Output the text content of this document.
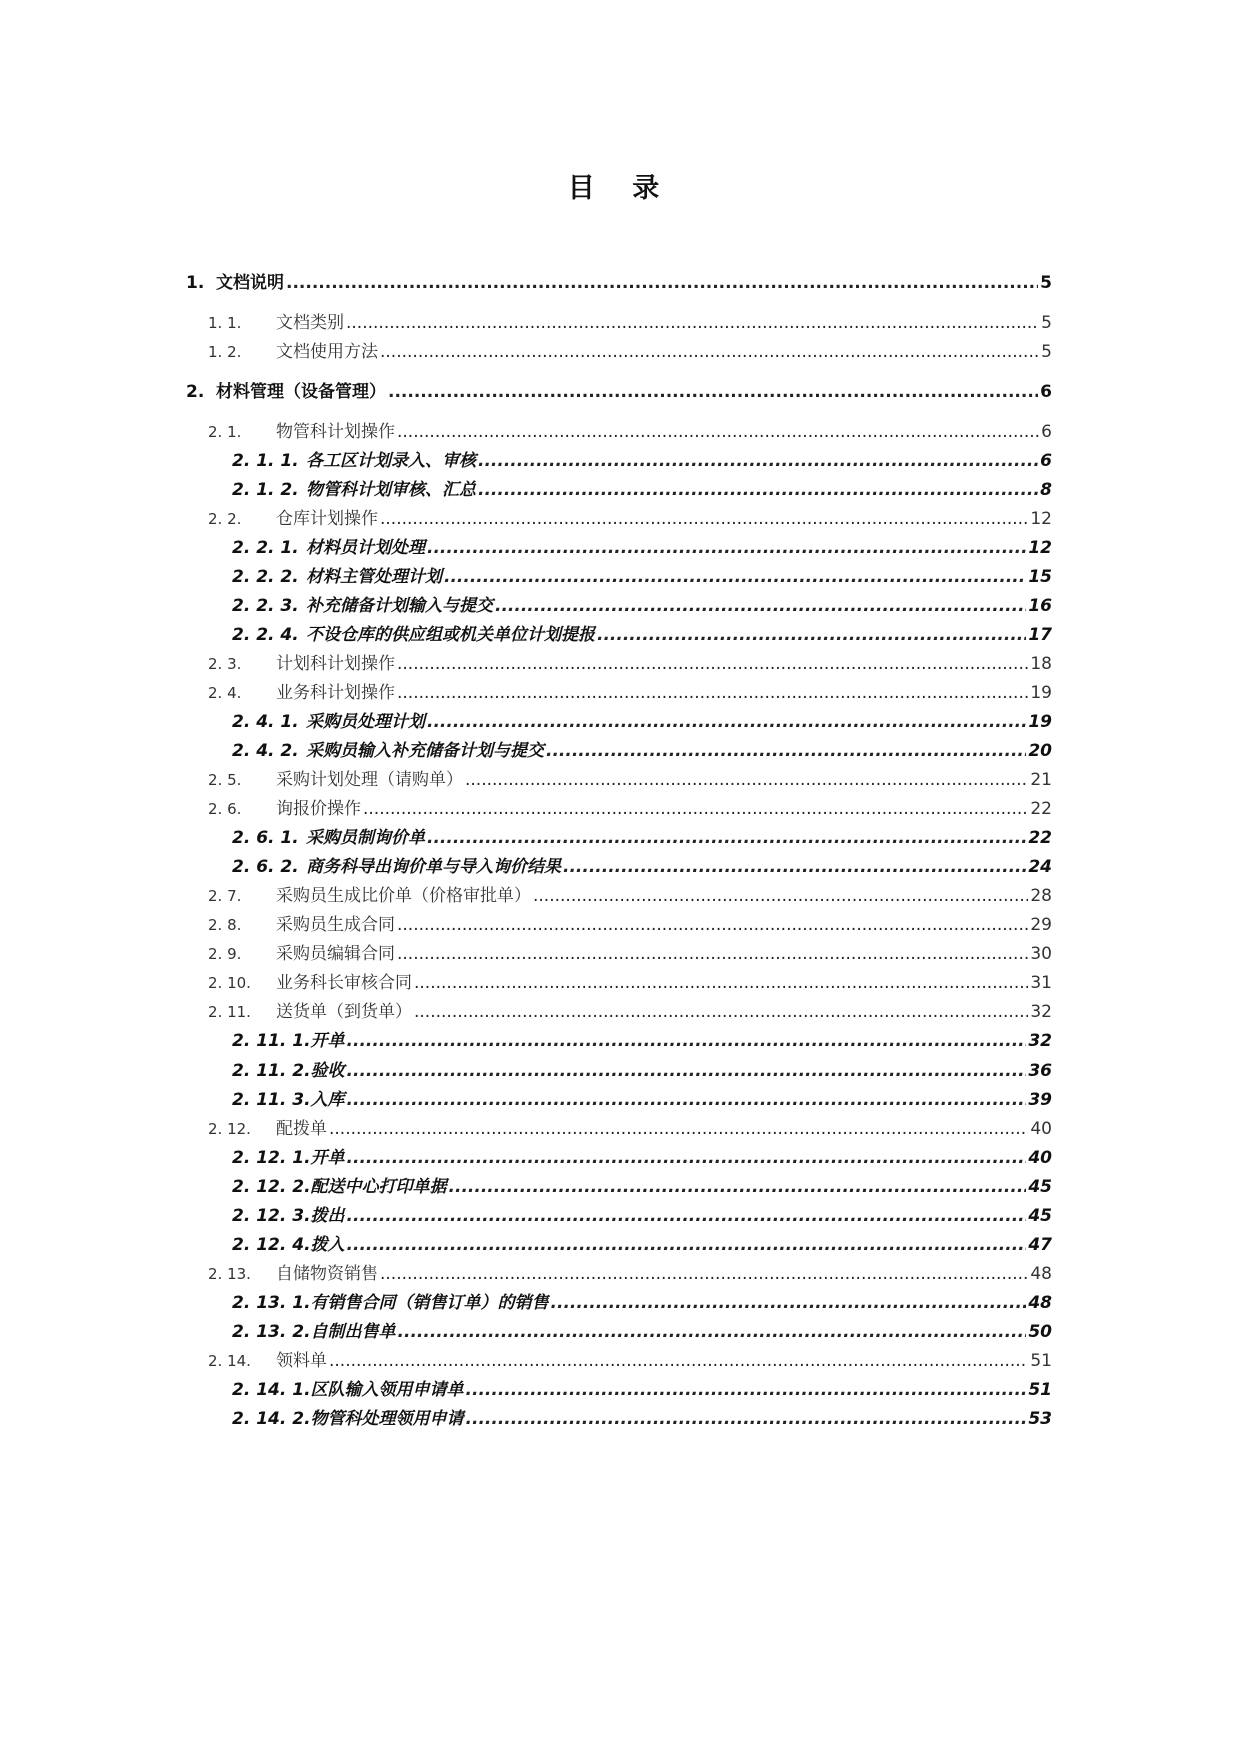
目 录
1. 文档说明 .....	5
1. 1.	文档类别 .....	5
1. 2.	文档使用方法 .....	5
2. 材料管理（设备管理） .....	6
2. 1.	物管科计划操作 .....	6
2. 1. 1. 各工区计划录入、审核 .....	6
2. 1. 2. 物管科计划审核、汇总 .....	8
2. 2.	仓库计划操作 .....	12
2. 2. 1. 材料员计划处理 .....	12
2. 2. 2. 材料主管处理计划 .....	15
2. 2. 3. 补充储备计划输入与提交 .....	16
2. 2. 4. 不设仓库的供应组或机关单位计划提报 .....	17
2. 3.	计划科计划操作 .....	18
2. 4.	业务科计划操作 .....	19
2. 4. 1. 采购员处理计划 .....	19
2. 4. 2. 采购员输入补充储备计划与提交 .....	20
2. 5.	采购计划处理（请购单） .....	21
2. 6.	询报价操作 .....	22
2. 6. 1. 采购员制询价单 .....	22
2. 6. 2. 商务科导出询价单与导入询价结果 .....	24
2. 7.	采购员生成比价单（价格审批单） .....	28
2. 8.	采购员生成合同 .....	29
2. 9.	采购员编辑合同 .....	30
2. 10.	业务科长审核合同 .....	31
2. 11.	送货单（到货单） .....	32
2. 11. 1. 开单 .....	32
2. 11. 2. 验收 .....	36
2. 11. 3. 入库 .....	39
2. 12.	配拨单 .....	40
2. 12. 1. 开单 .....	40
2. 12. 2. 配送中心打印单据 .....	45
2. 12. 3. 拨出 .....	45
2. 12. 4. 拨入 .....	47
2. 13.	自储物资销售 .....	48
2. 13. 1. 有销售合同（销售订单）的销售 .....	48
2. 13. 2. 自制出售单 .....	50
2. 14.	领料单 .....	51
2. 14. 1. 区队输入领用申请单 .....	51
2. 14. 2. 物管科处理领用申请 .....	53
